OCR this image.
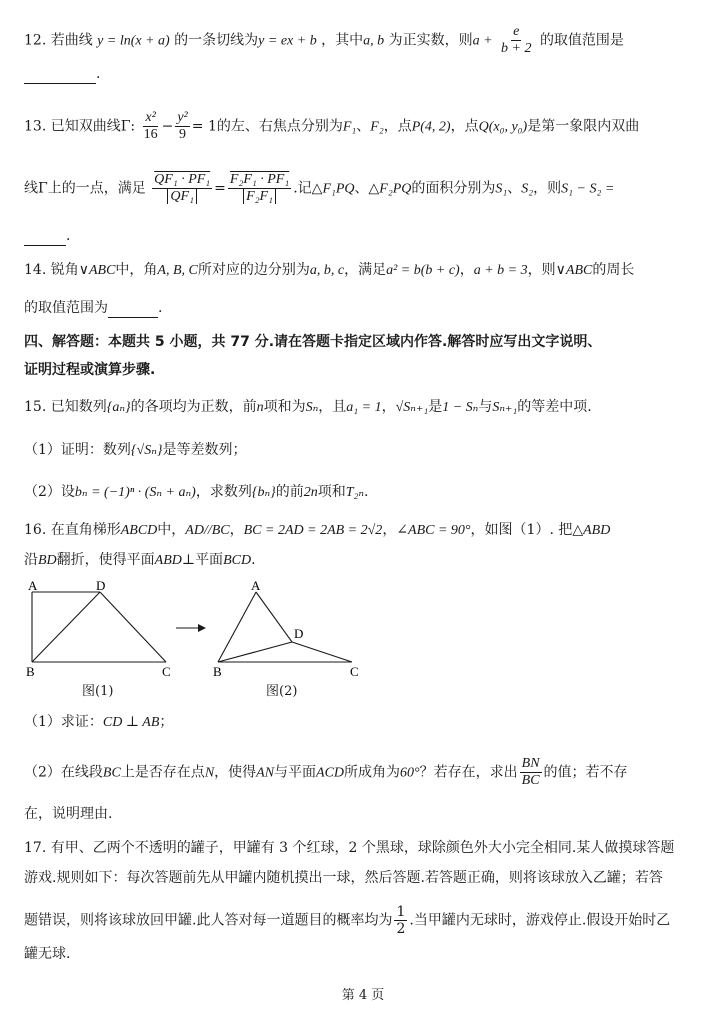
12. 若曲线 y = ln(x + a) 的一条切线为y = ex + b ，其中a, b 为正实数，则$a + \frac{e}{b + 2}$ 的取值范围是
.
13. 已知双曲线Γ: $\frac{\text{x²}}{16} - \frac{\text{y²}}{9} = 1$的左、右焦点分别为F₁、F₂，点P(4, 2)，点Q(x₀, y₀)是第一象限内双曲
线Γ上的一点，满足 $\frac{\text{QF₁ · PF₁}}{\text{QF₁}} = \frac{\text{F₂F₁ · PF₁}}{\text{F₂F₁}}$ .记△F₁PQ、△F₂PQ的面积分别为S₁、S₂，则S₁ − S₂ =
.
14. 锐角∨ABC中，角A, B, C所对应的边分别为a, b, c，满足a² = b(b + c)，a + b = 3，则∨ABC的周长
的取值范围为	.
四、解答题：本题共 5 小题，共 77 分.请在答题卡指定区域内作答.解答时应写出文字说明、
证明过程或演算步骤.
15. 已知数列{aₙ}的各项均为正数，前n项和为Sₙ，且a₁ = 1，√Sₙ₊₁是1 − Sₙ与Sₙ₊₁的等差中项.
（1）证明：数列{√Sₙ}是等差数列；
（2）设bₙ = (−1)ⁿ · (Sₙ + aₙ)，求数列{bₙ}的前2n项和T₂ₙ.
16. 在直角梯形ABCD中，AD//BC，BC = 2AD = 2AB = 2√2，∠ABC = 90°，如图（1）. 把△ABD
沿BD翻折，使得平面ABD⊥平面BCD.
A	D
B	C
A
D
B	C
图(1)	图(2)
（1）求证：CD ⊥ AB；
（2）在线段BC上是否存在点N，使得AN与平面ACD所成角为60°？若存在，求出 $\frac{BN}{BC}$ 的值；若不存
在，说明理由.
17. 有甲、乙两个不透明的罐子，甲罐有 3 个红球，2 个黑球，球除颜色外大小完全相同.某人做摸球答题
游戏.规则如下：每次答题前先从甲罐内随机摸出一球，然后答题.若答题正确，则将该球放入乙罐；若答
题错误，则将该球放回甲罐.此人答对每一道题目的概率均为 $\frac{1}{2}$ .当甲罐内无球时，游戏停止.假设开始时乙
罐无球.
第 4 页
